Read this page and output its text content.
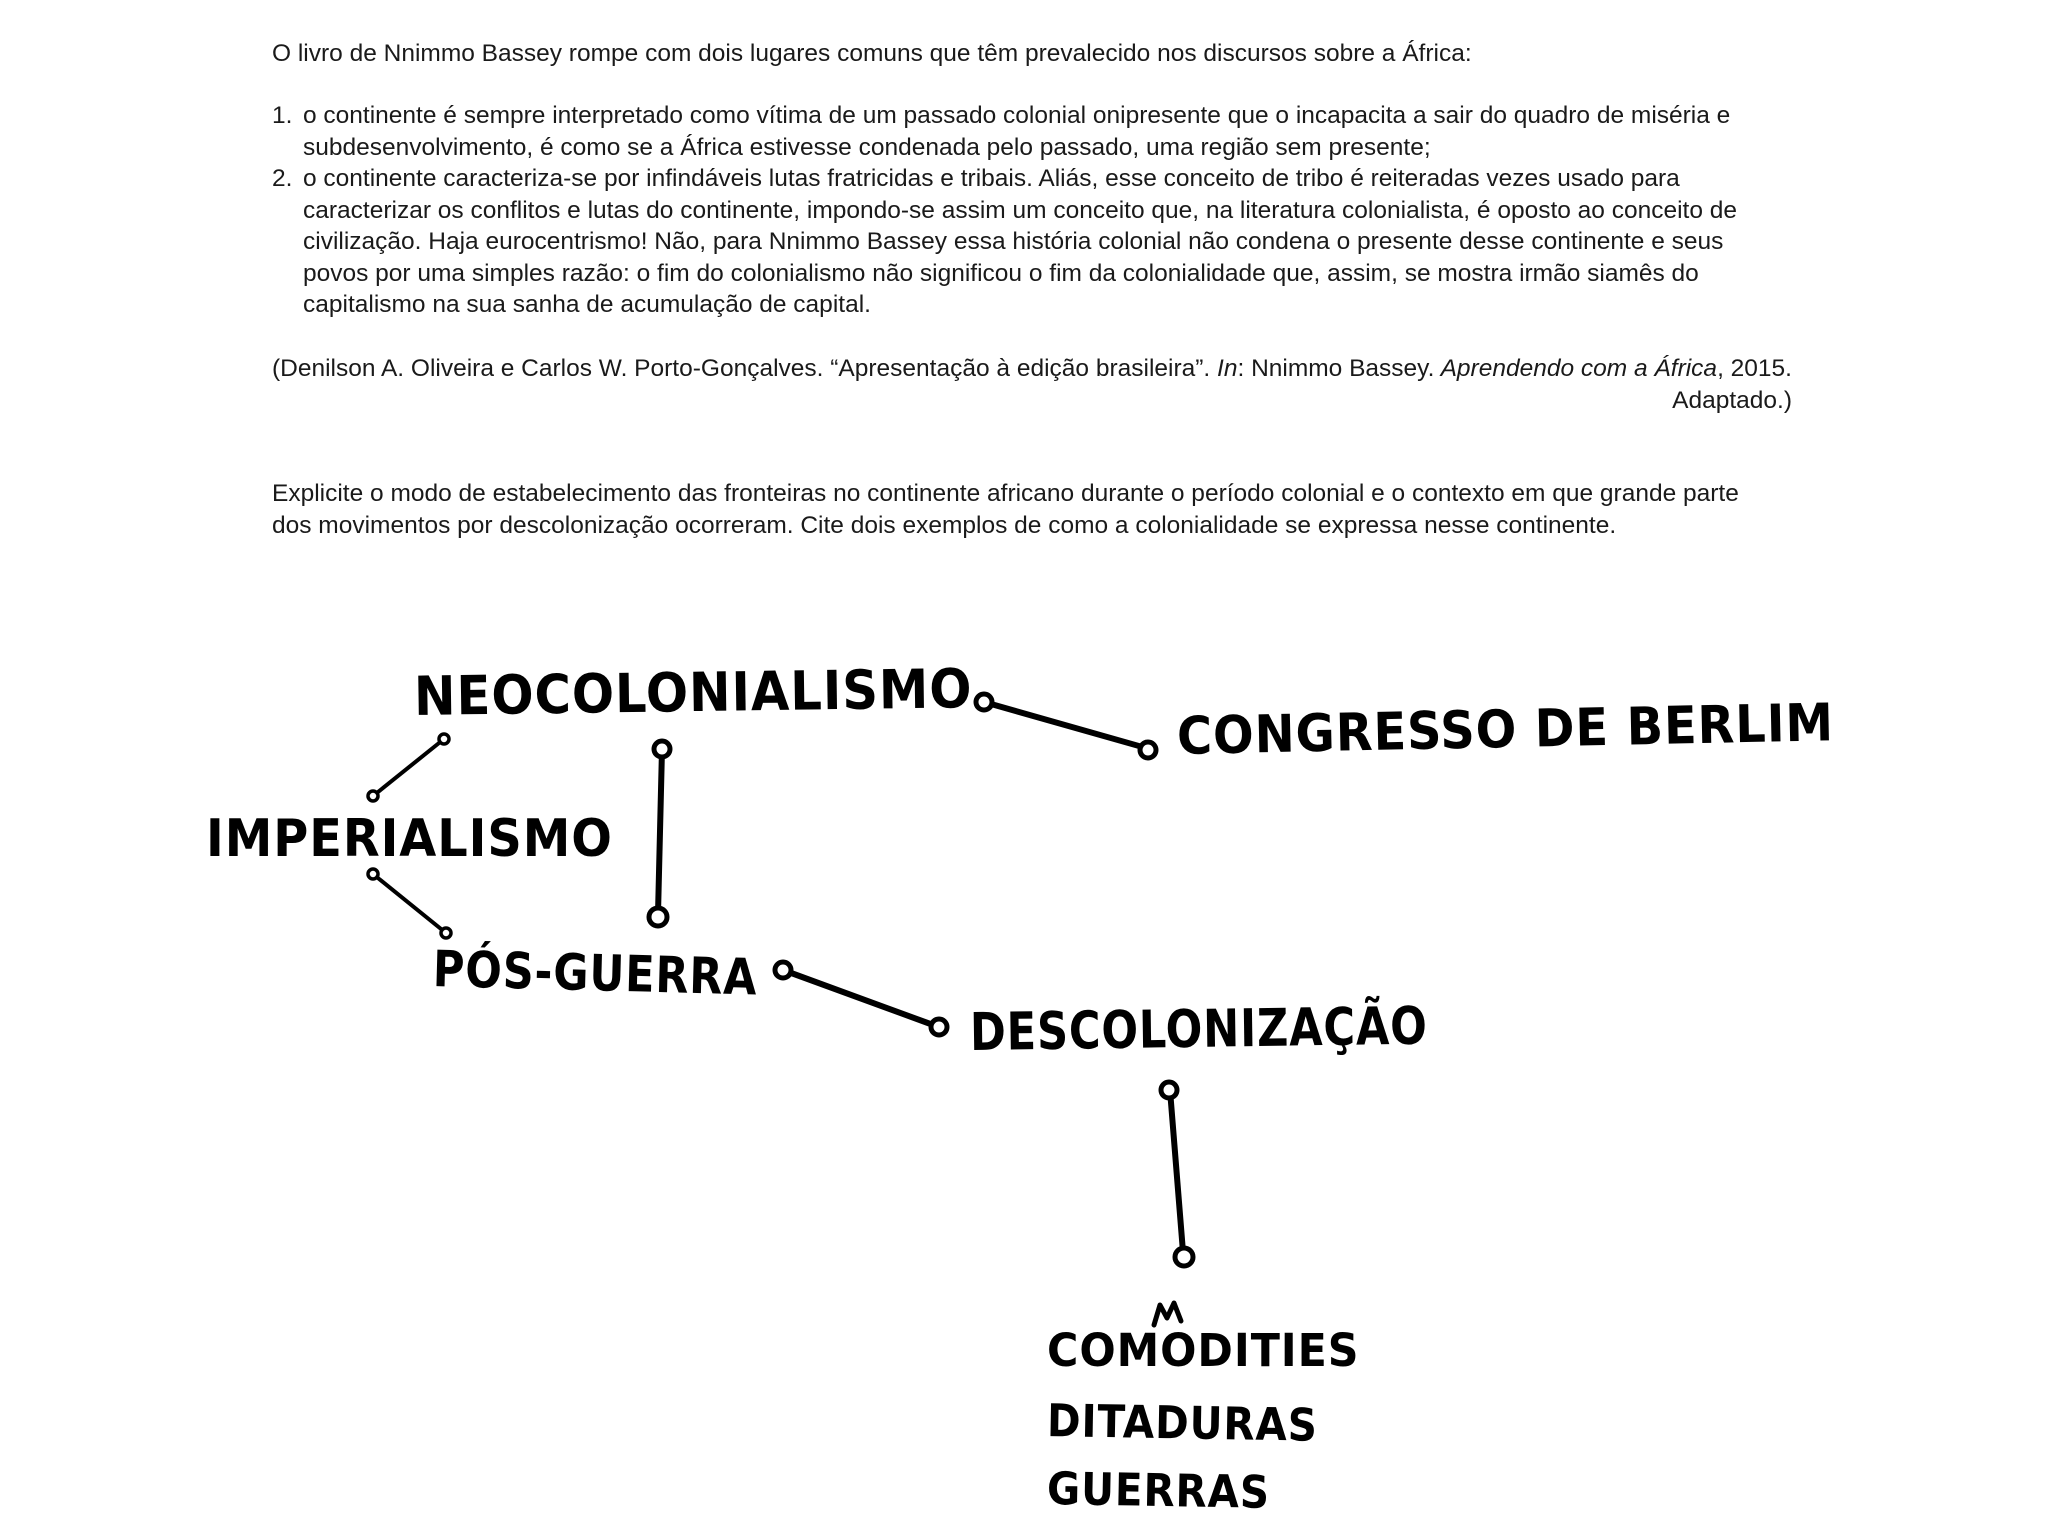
O livro de Nnimmo Bassey rompe com dois lugares comuns que têm prevalecido nos discursos sobre a África:

1. o continente é sempre interpretado como vítima de um passado colonial onipresente que o incapacita a sair do quadro de miséria e subdesenvolvimento, é como se a África estivesse condenada pelo passado, uma região sem presente;
2. o continente caracteriza-se por infindáveis lutas fratricidas e tribais. Aliás, esse conceito de tribo é reiteradas vezes usado para caracterizar os conflitos e lutas do continente, impondo-se assim um conceito que, na literatura colonialista, é oposto ao conceito de civilização. Haja eurocentrismo! Não, para Nnimmo Bassey essa história colonial não condena o presente desse continente e seus povos por uma simples razão: o fim do colonialismo não significou o fim da colonialidade que, assim, se mostra irmão siamês do capitalismo na sua sanha de acumulação de capital.

(Denilson A. Oliveira e Carlos W. Porto-Gonçalves. “Apresentação à edição brasileira”. In: Nnimmo Bassey. Aprendendo com a África, 2015. Adaptado.)

Explicite o modo de estabelecimento das fronteiras no continente africano durante o período colonial e o contexto em que grande parte dos movimentos por descolonização ocorreram. Cite dois exemplos de como a colonialidade se expressa nesse continente.

NEOCOLONIALISMO
CONGRESSO DE BERLIM
IMPERIALISMO
PÓS-GUERRA
DESCOLONIZAÇÃO
COMODITIES
DITADURAS
GUERRAS
